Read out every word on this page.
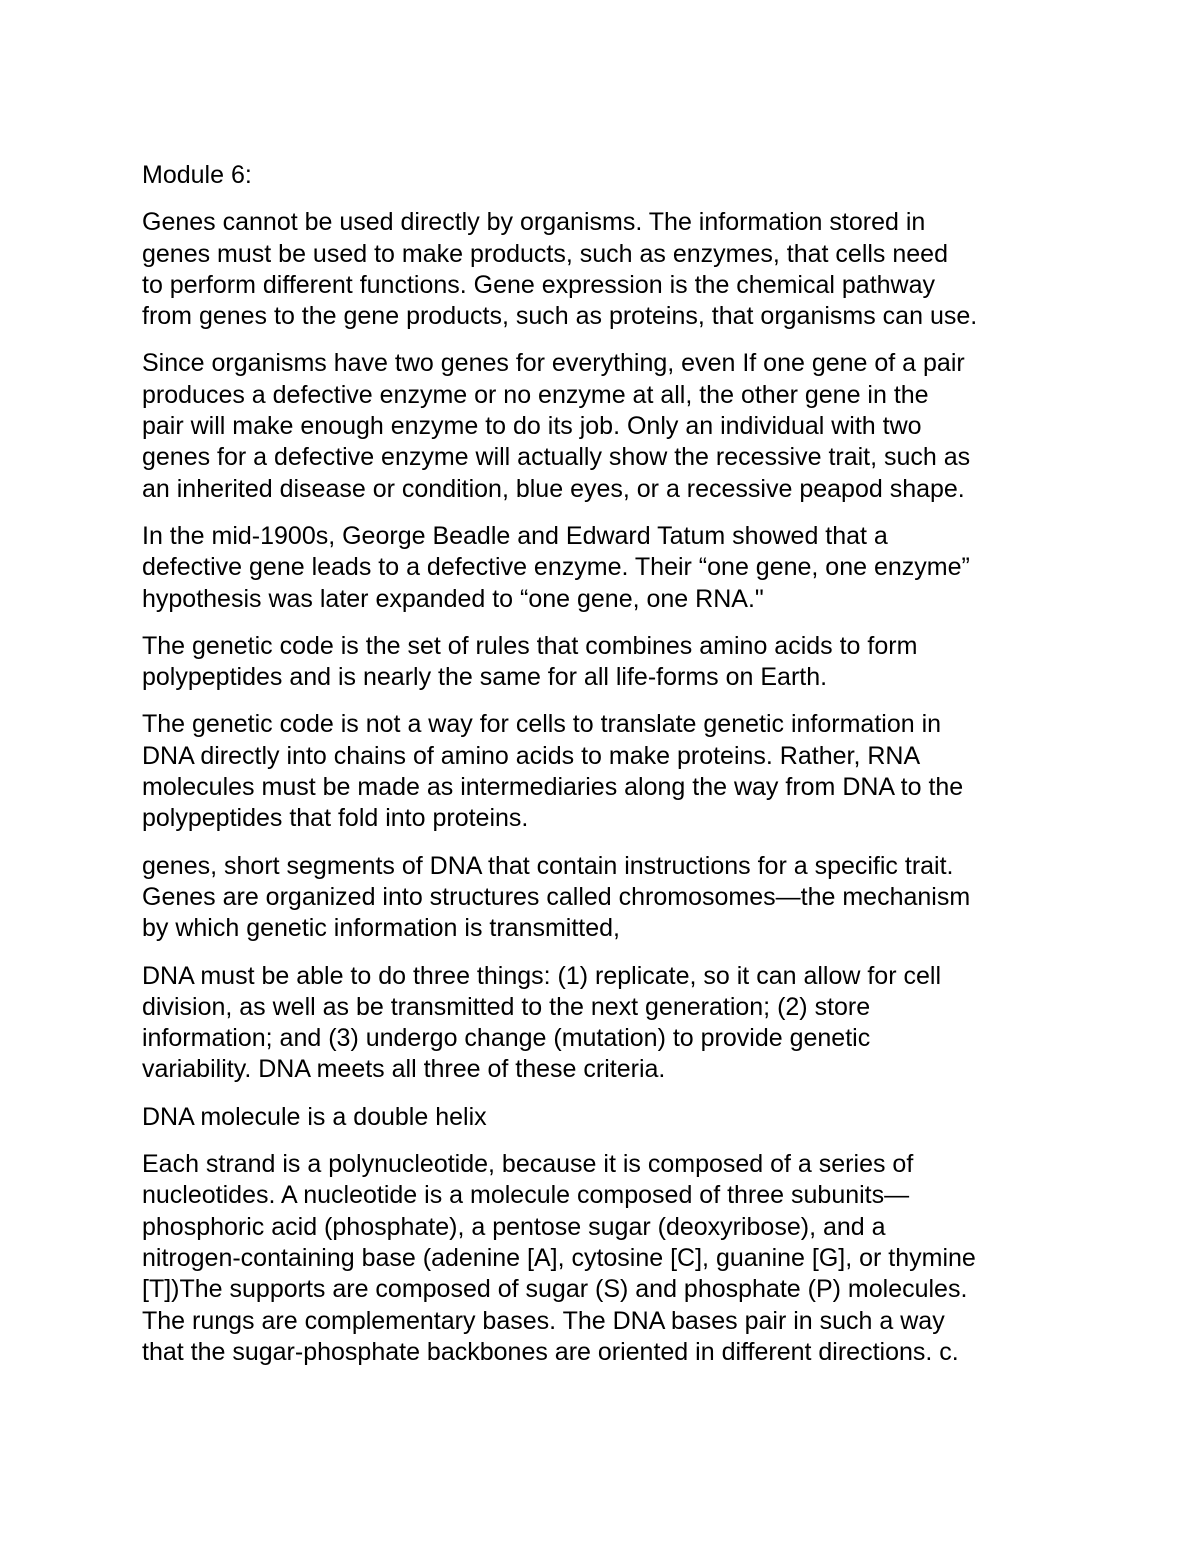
Module 6:

Genes cannot be used directly by organisms. The information stored in
genes must be used to make products, such as enzymes, that cells need
to perform different functions. Gene expression is the chemical pathway
from genes to the gene products, such as proteins, that organisms can use.

Since organisms have two genes for everything, even If one gene of a pair
produces a defective enzyme or no enzyme at all, the other gene in the
pair will make enough enzyme to do its job. Only an individual with two
genes for a defective enzyme will actually show the recessive trait, such as
an inherited disease or condition, blue eyes, or a recessive peapod shape.

In the mid-1900s, George Beadle and Edward Tatum showed that a
defective gene leads to a defective enzyme. Their “one gene, one enzyme”
hypothesis was later expanded to “one gene, one RNA."

The genetic code is the set of rules that combines amino acids to form
polypeptides and is nearly the same for all life-forms on Earth.

The genetic code is not a way for cells to translate genetic information in
DNA directly into chains of amino acids to make proteins. Rather, RNA
molecules must be made as intermediaries along the way from DNA to the
polypeptides that fold into proteins.

genes, short segments of DNA that contain instructions for a specific trait.
Genes are organized into structures called chromosomes—the mechanism
by which genetic information is transmitted,

DNA must be able to do three things: (1) replicate, so it can allow for cell
division, as well as be transmitted to the next generation; (2) store
information; and (3) undergo change (mutation) to provide genetic
variability. DNA meets all three of these criteria.

DNA molecule is a double helix

Each strand is a polynucleotide, because it is composed of a series of
nucleotides. A nucleotide is a molecule composed of three subunits—
phosphoric acid (phosphate), a pentose sugar (deoxyribose), and a
nitrogen-containing base (adenine [A], cytosine [C], guanine [G], or thymine
[T])The supports are composed of sugar (S) and phosphate (P) molecules.
The rungs are complementary bases. The DNA bases pair in such a way
that the sugar-phosphate backbones are oriented in different directions. c.
